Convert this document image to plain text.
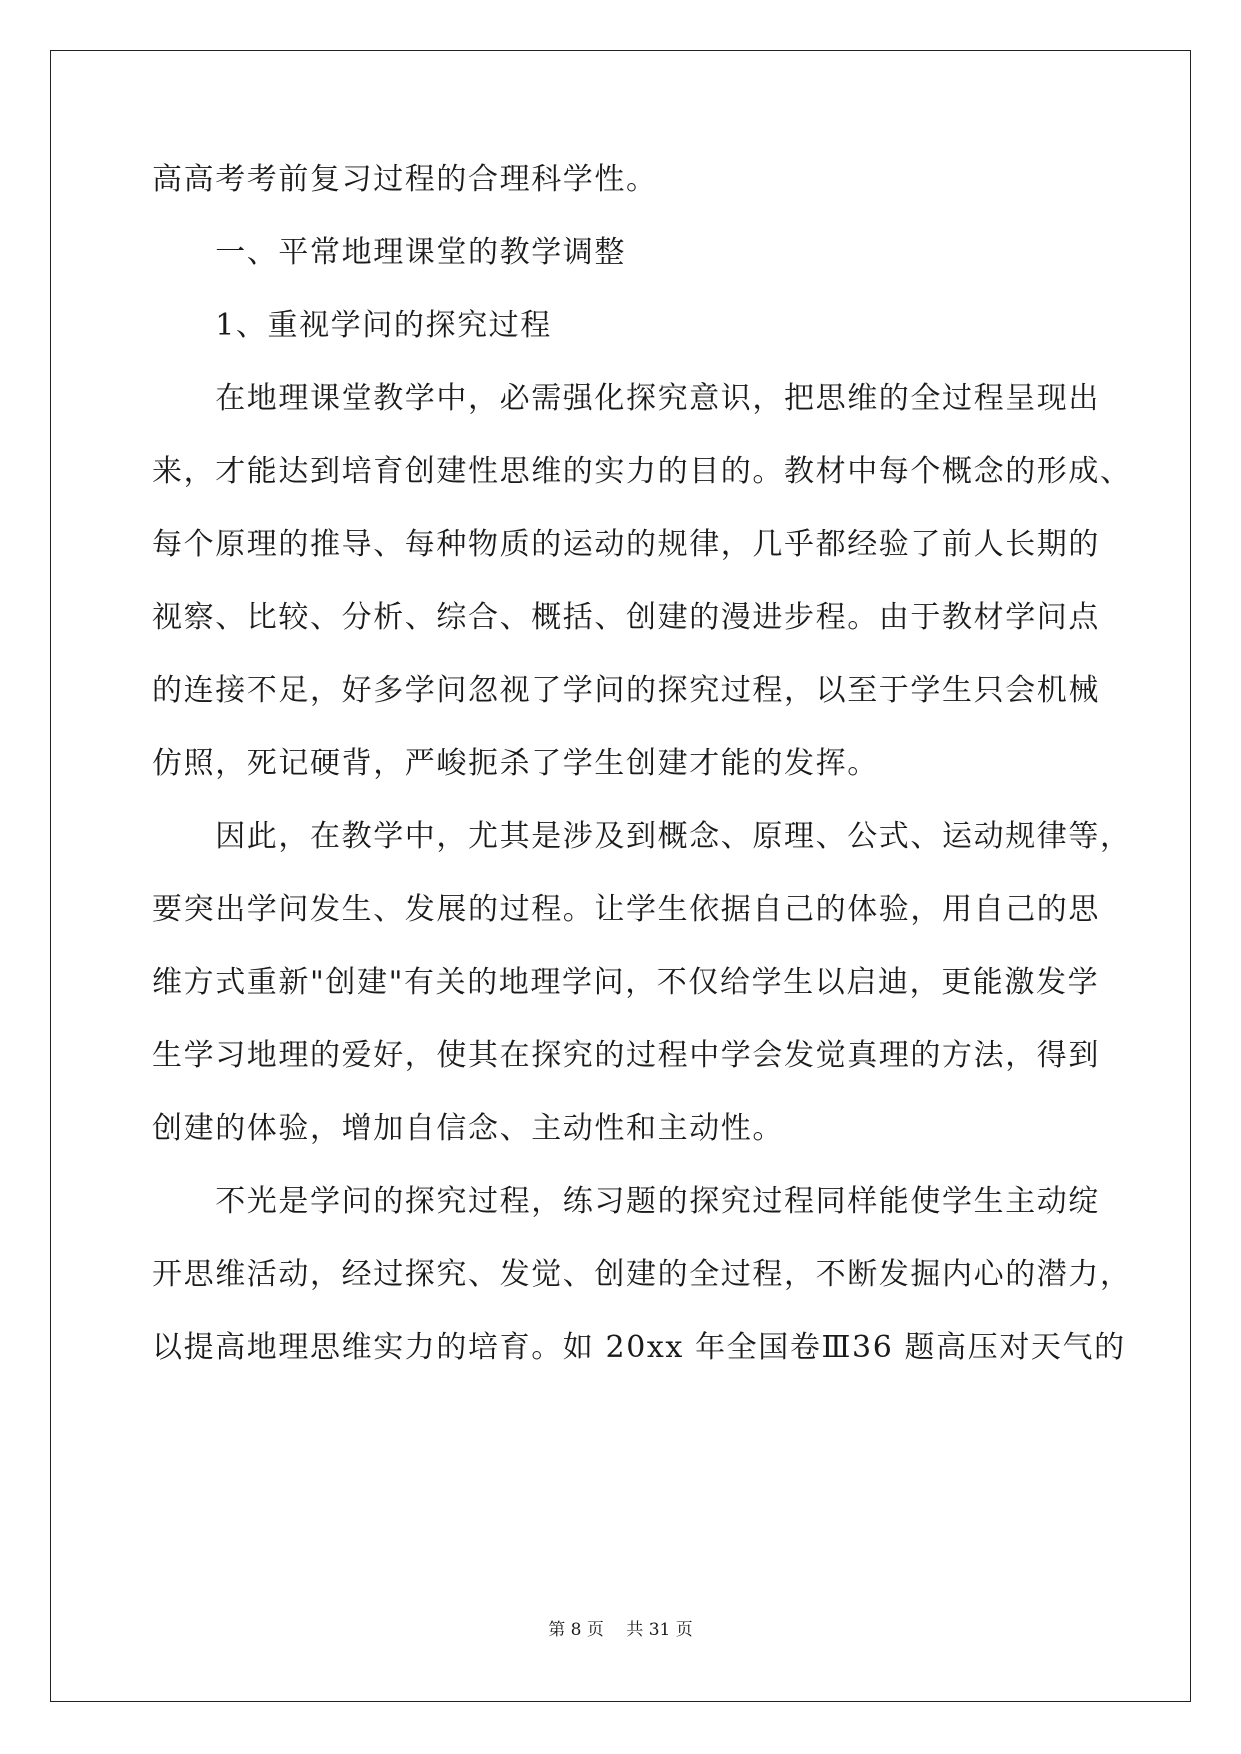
高高考考前复习过程的合理科学性。
　　一、平常地理课堂的教学调整
　　1、重视学问的探究过程
　　在地理课堂教学中，必需强化探究意识，把思维的全过程呈现出
来，才能达到培育创建性思维的实力的目的。教材中每个概念的形成、
每个原理的推导、每种物质的运动的规律，几乎都经验了前人长期的
视察、比较、分析、综合、概括、创建的漫进步程。由于教材学问点
的连接不足，好多学问忽视了学问的探究过程，以至于学生只会机械
仿照，死记硬背，严峻扼杀了学生创建才能的发挥。
　　因此，在教学中，尤其是涉及到概念、原理、公式、运动规律等，
要突出学问发生、发展的过程。让学生依据自己的体验，用自己的思
维方式重新"创建"有关的地理学问，不仅给学生以启迪，更能激发学
生学习地理的爱好，使其在探究的过程中学会发觉真理的方法，得到
创建的体验，增加自信念、主动性和主动性。
　　不光是学问的探究过程，练习题的探究过程同样能使学生主动绽
开思维活动，经过探究、发觉、创建的全过程，不断发掘内心的潜力，
以提高地理思维实力的培育。如 20xx 年全国卷Ⅲ36 题高压对天气的
第 8 页　 共 31 页
